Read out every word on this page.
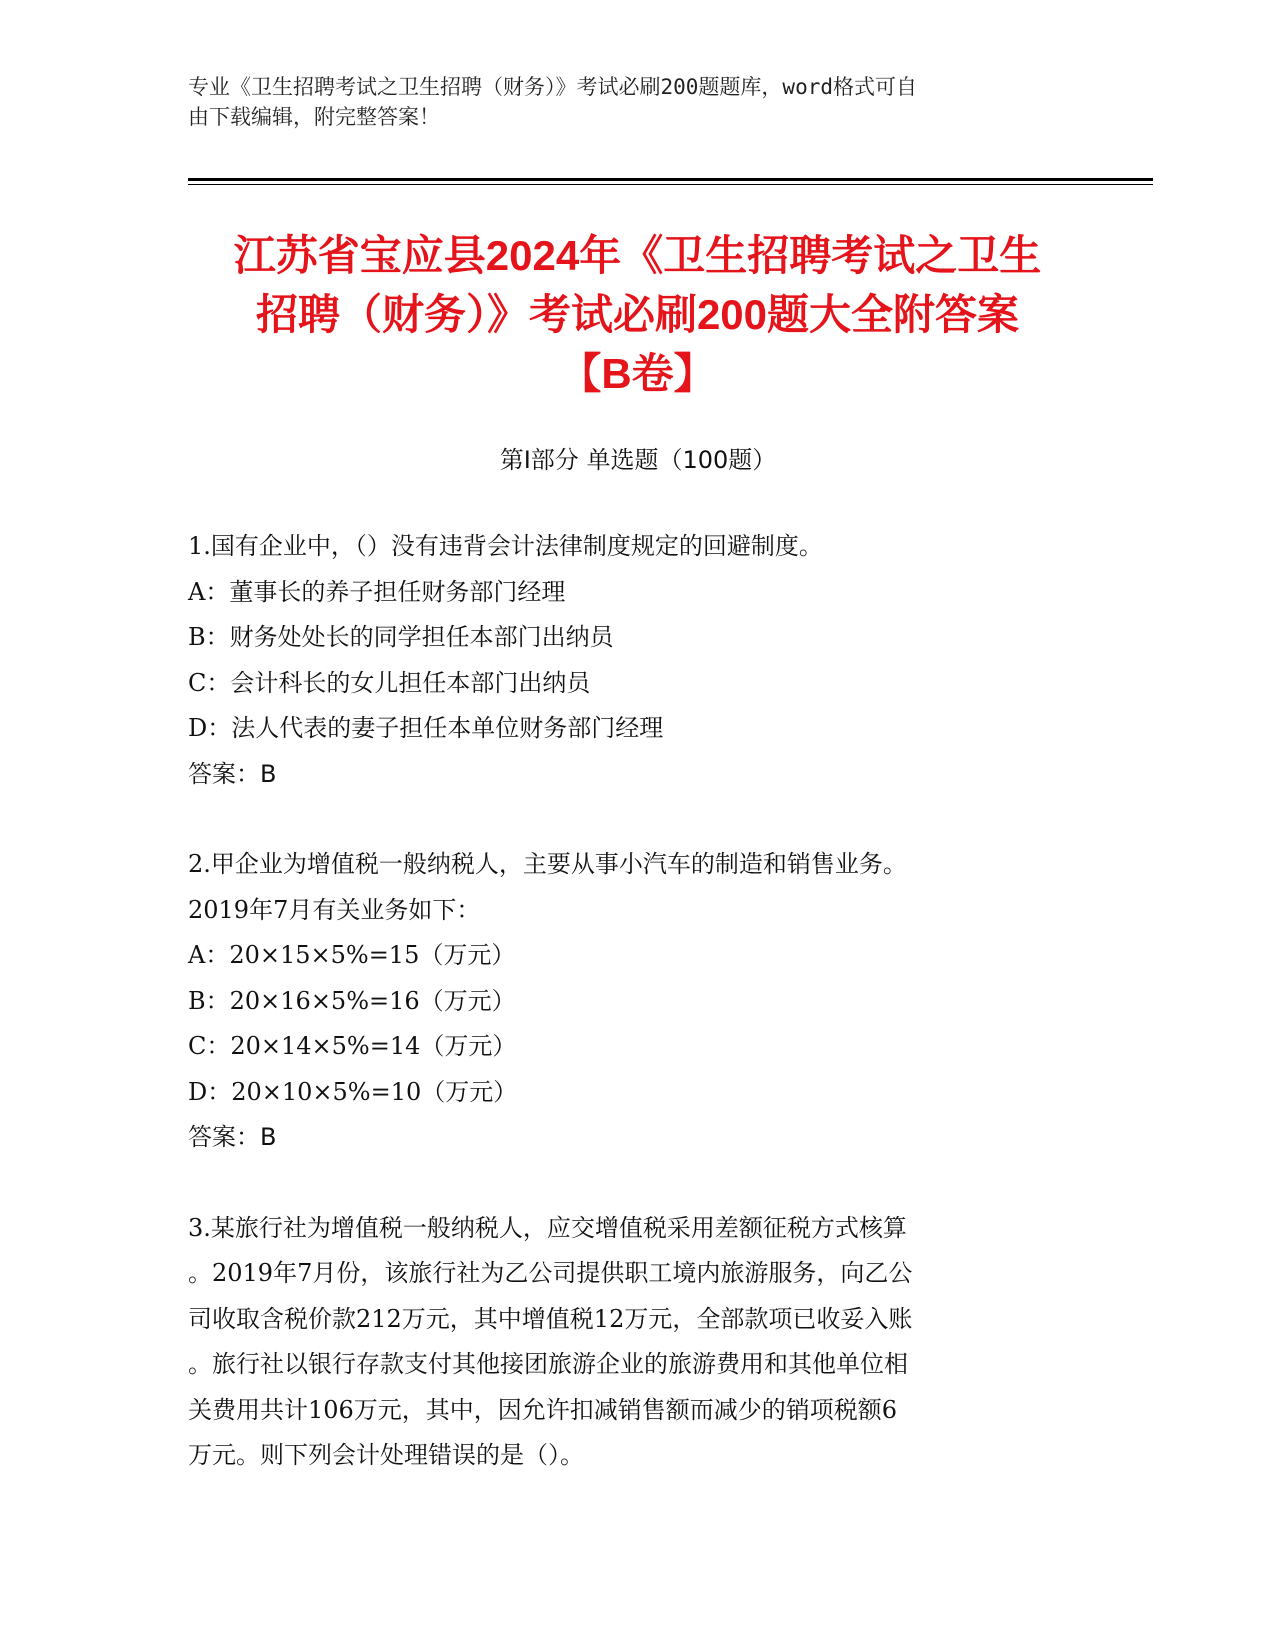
专业《卫生招聘考试之卫生招聘（财务）》考试必刷200题题库，word格式可自
由下载编辑，附完整答案！
江苏省宝应县2024年《卫生招聘考试之卫生
招聘（财务）》考试必刷200题大全附答案
【B卷】
第Ⅰ部分 单选题（100题）
1.国有企业中，（）没有违背会计法律制度规定的回避制度。
A：董事长的养子担任财务部门经理
B：财务处处长的同学担任本部门出纳员
C：会计科长的女儿担任本部门出纳员
D：法人代表的妻子担任本单位财务部门经理
答案：B
2.甲企业为增值税一般纳税人，主要从事小汽车的制造和销售业务。
2019年7月有关业务如下：
A：20×15×5%=15（万元）
B：20×16×5%=16（万元）
C：20×14×5%=14（万元）
D：20×10×5%=10（万元）
答案：B
3.某旅行社为增值税一般纳税人，应交增值税采用差额征税方式核算
。2019年7月份，该旅行社为乙公司提供职工境内旅游服务，向乙公
司收取含税价款212万元，其中增值税12万元，全部款项已收妥入账
。旅行社以银行存款支付其他接团旅游企业的旅游费用和其他单位相
关费用共计106万元，其中，因允许扣减销售额而减少的销项税额6
万元。则下列会计处理错误的是（）。
